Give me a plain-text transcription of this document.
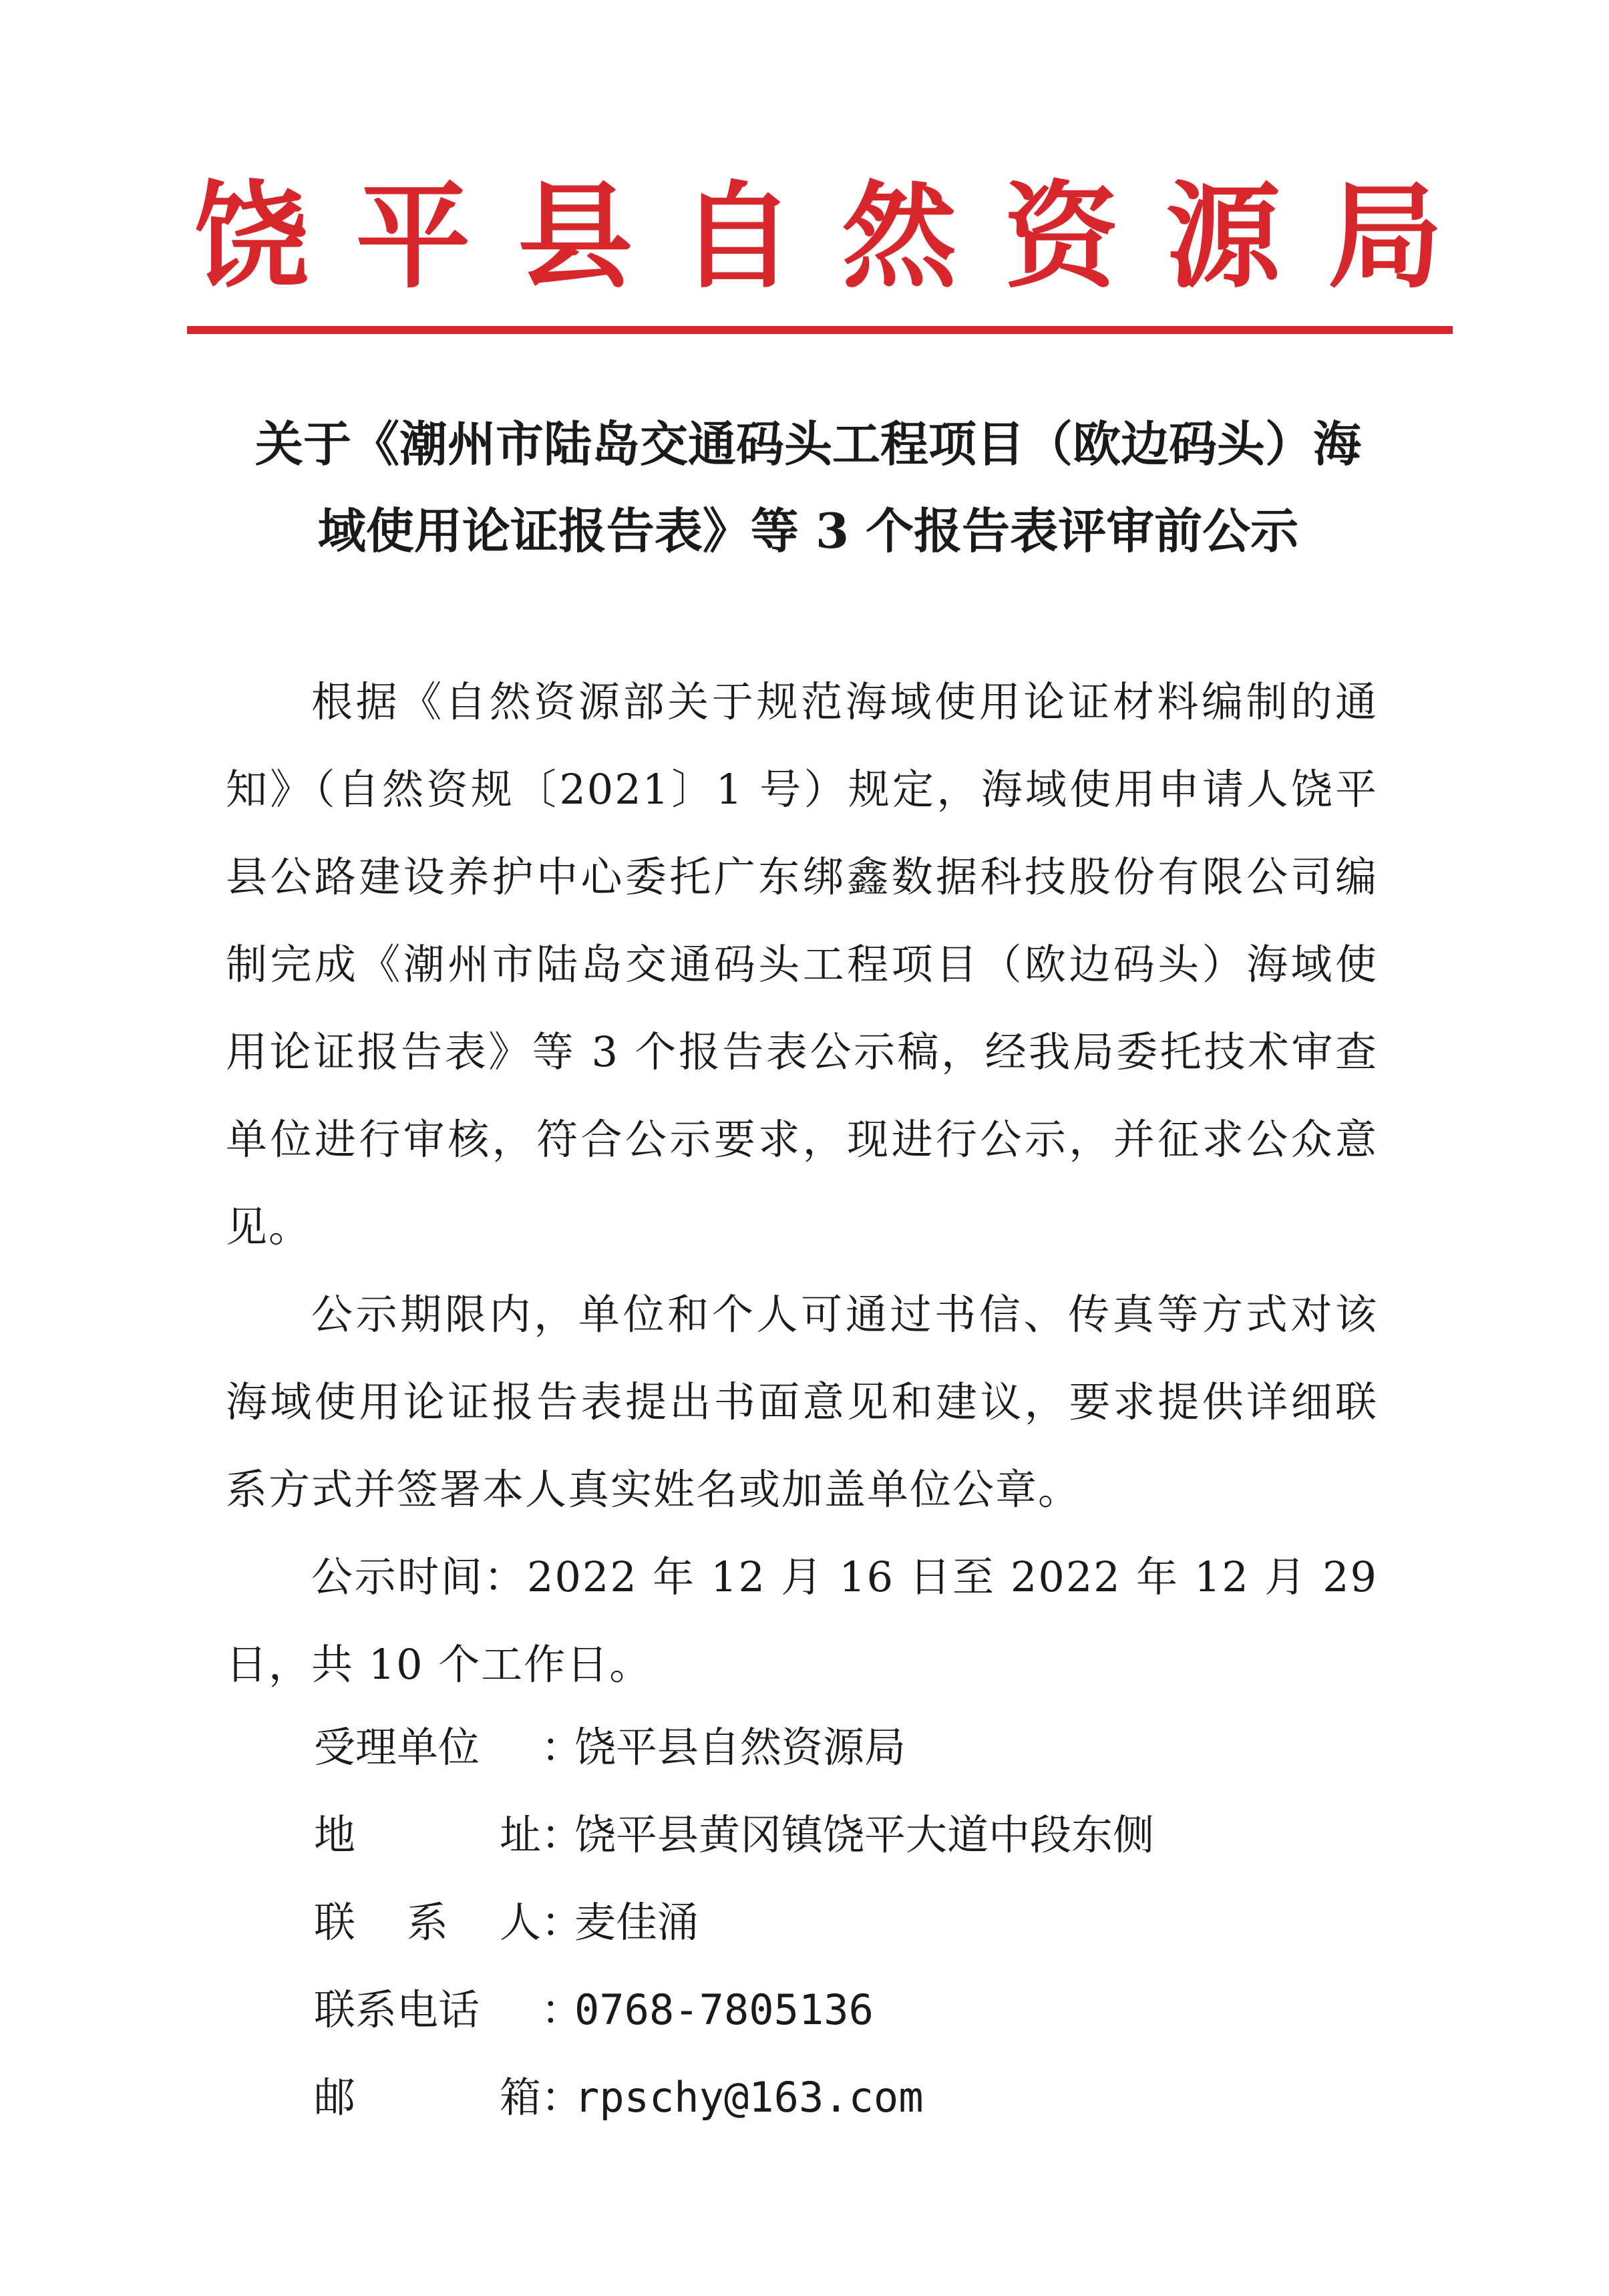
饶 平 县 自 然 资 源 局
关于《潮州市陆岛交通码头工程项目（欧边码头）海
域使用论证报告表》等 3 个报告表评审前公示

根据《自然资源部关于规范海域使用论证材料编制的通知》（自然资规〔2021〕1 号）规定，海域使用申请人饶平县公路建设养护中心委托广东绑鑫数据科技股份有限公司编制完成《潮州市陆岛交通码头工程项目（欧边码头）海域使用论证报告表》等 3 个报告表公示稿，经我局委托技术审查单位进行审核，符合公示要求，现进行公示，并征求公众意见。

公示期限内，单位和个人可通过书信、传真等方式对该海域使用论证报告表提出书面意见和建议，要求提供详细联系方式并签署本人真实姓名或加盖单位公章。

公示时间：2022 年 12 月 16 日至 2022 年 12 月 29 日，共 10 个工作日。

受理单位 ：
饶平县自然资源局
地	址 ：
饶平县黄冈镇饶平大道中段东侧
联 系 人 ：
麦佳涌
联系电话 ：
0768-7805136
邮	箱 ：
rpschy@163.com
